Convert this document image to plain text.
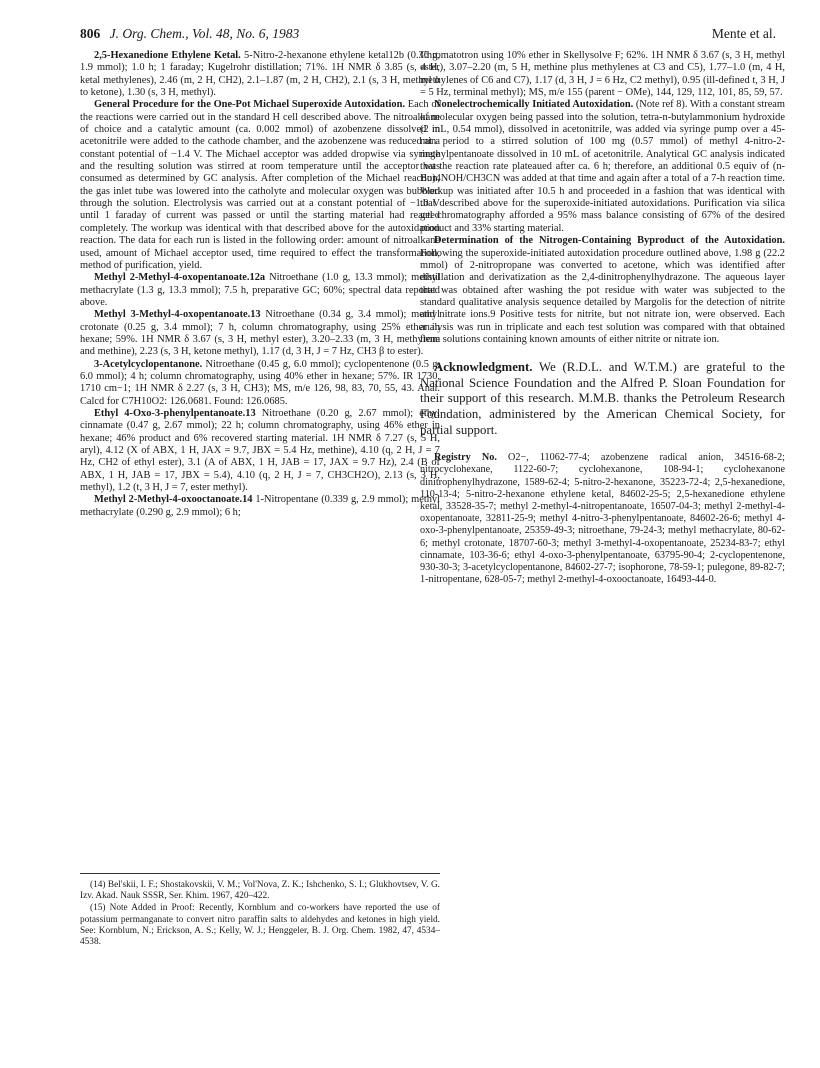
806 J. Org. Chem., Vol. 48, No. 6, 1983	Mente et al.

2,5-Hexanedione Ethylene Ketal. 5-Nitro-2-hexanone ethylene ketal12b (0.36 g, 1.9 mmol); 1.0 h; 1 faraday; Kugelrohr distillation; 71%. 1H NMR δ 3.85 (s, 4 H, ketal methylenes), 2.46 (m, 2 H, CH2), 2.1–1.87 (m, 2 H, CH2), 2.1 (s, 3 H, methyl α to ketone), 1.30 (s, 3 H, methyl).

General Procedure for the One-Pot Michael Superoxide Autoxidation. Each of the reactions were carried out in the standard H cell described above. The nitroalkane of choice and a catalytic amount (ca. 0.002 mmol) of azobenzene dissolved in acetonitrile were added to the cathode chamber, and the azobenzene was reduced at a constant potential of −1.4 V. The Michael acceptor was added dropwise via syringe and the resulting solution was stirred at room temperature until the acceptor was consumed as determined by GC analysis. After completion of the Michael reaction, the gas inlet tube was lowered into the catholyte and molecular oxygen was bubbled through the solution. Electrolysis was carried out at a constant potential of −1.0 V until 1 faraday of current was passed or until the starting material had reacted completely. The workup was identical with that described above for the autoxidation reaction. The data for each run is listed in the following order: amount of nitroalkane used, amount of Michael acceptor used, time required to effect the transformation, method of purification, yield.

Methyl 2-Methyl-4-oxopentanoate.12a Nitroethane (1.0 g, 13.3 mmol); methyl methacrylate (1.3 g, 13.3 mmol); 7.5 h, preparative GC; 60%; spectral data reported above.

Methyl 3-Methyl-4-oxopentanoate.13 Nitroethane (0.34 g, 3.4 mmol); methyl crotonate (0.25 g, 3.4 mmol); 7 h, column chromatography, using 25% ether in hexane; 59%. 1H NMR δ 3.67 (s, 3 H, methyl ester), 3.20–2.33 (m, 3 H, methylene and methine), 2.23 (s, 3 H, ketone methyl), 1.17 (d, 3 H, J = 7 Hz, CH3 β to ester).

3-Acetylcyclopentanone. Nitroethane (0.45 g, 6.0 mmol); cyclopentenone (0.5 g, 6.0 mmol); 4 h; column chromatography, using 40% ether in hexane; 57%. IR 1730, 1710 cm−1; 1H NMR δ 2.27 (s, 3 H, CH3); MS, m/e 126, 98, 83, 70, 55, 43. Anal. Calcd for C7H10O2: 126.0681. Found: 126.0685.

Ethyl 4-Oxo-3-phenylpentanoate.13 Nitroethane (0.20 g, 2.67 mmol); ethyl cinnamate (0.47 g, 2.67 mmol); 22 h; column chromatography, using 46% ether in hexane; 46% product and 6% recovered starting material. 1H NMR δ 7.27 (s, 5 H, aryl), 4.12 (X of ABX, 1 H, JAX = 9.7, JBX = 5.4 Hz, methine), 4.10 (q, 2 H, J = 7 Hz, CH2 of ethyl ester), 3.1 (A of ABX, 1 H, JAB = 17, JAX = 9.7 Hz), 2.4 (B of ABX, 1 H, JAB = 17, JBX = 5.4), 4.10 (q, 2 H, J = 7, CH3CH2O), 2.13 (s, 3 H, methyl), 1.2 (t, 3 H, J = 7, ester methyl).

Methyl 2-Methyl-4-oxooctanoate.14 1-Nitropentane (0.339 g, 2.9 mmol); methyl methacrylate (0.290 g, 2.9 mmol); 6 h;

(14) Bel'skii, I. F.; Shostakovskii, V. M.; Vol'Nova, Z. K.; Ishchenko, S. I.; Glukhovtsev, V. G. Izv. Akad. Nauk SSSR, Ser. Khim. 1967, 420–422.

(15) Note Added in Proof: Recently, Kornblum and co-workers have reported the use of potassium permanganate to convert nitro paraffin salts to aldehydes and ketones in high yield. See: Kornblum, N.; Erickson, A. S.; Kelly, W. J.; Henggeler, B. J. Org. Chem. 1982, 47, 4534–4538.

Chromatotron using 10% ether in Skellysolve F; 62%. 1H NMR δ 3.67 (s, 3 H, methyl ester), 3.07–2.20 (m, 5 H, methine plus methylenes at C3 and C5), 1.77–1.0 (m, 4 H, methylenes of C6 and C7), 1.17 (d, 3 H, J = 6 Hz, C2 methyl), 0.95 (ill-defined t, 3 H, J = 5 Hz, terminal methyl); MS, m/e 155 (parent − OMe), 144, 129, 112, 101, 85, 59, 57.

Nonelectrochemically Initiated Autoxidation. (Note ref 8). With a constant stream of molecular oxygen being passed into the solution, tetra-n-butylammonium hydroxide (2 mL, 0.54 mmol), dissolved in acetonitrile, was added via syringe pump over a 45-min period to a stirred solution of 100 mg (0.57 mmol) of methyl 4-nitro-2-methylpentanoate dissolved in 10 mL of acetonitrile. Analytical GC analysis indicated that the reaction rate plateaued after ca. 6 h; therefore, an additional 0.5 equiv of (n-Bu)4NOH/CH3CN was added at that time and again after a total of a 7-h reaction time. Workup was initiated after 10.5 h and proceeded in a fashion that was identical with that described above for the superoxide-initiated autoxidations. Purification via silica gel chromatography afforded a 95% mass balance consisting of 67% of the desired product and 33% starting material.

Determination of the Nitrogen-Containing Byproduct of the Autoxidation. Following the superoxide-initiated autoxidation procedure outlined above, 1.98 g (22.2 mmol) of 2-nitropropane was converted to acetone, which was identified after distillation and derivatization as the 2,4-dinitrophenylhydrazone. The aqueous layer that was obtained after washing the pot residue with water was subjected to the standard qualitative analysis sequence detailed by Margolis for the detection of nitrite and nitrate ions.9 Positive tests for nitrite, but not nitrate ion, were observed. Each analysis was run in triplicate and each test solution was compared with that obtained from solutions containing known amounts of either nitrite or nitrate ion.

Acknowledgment. We (R.D.L. and W.T.M.) are grateful to the National Science Foundation and the Alfred P. Sloan Foundation for their support of this research. M.M.B. thanks the Petroleum Research Foundation, administered by the American Chemical Society, for partial support.

Registry No. O2−, 11062-77-4; azobenzene radical anion, 34516-68-2; nitrocyclohexane, 1122-60-7; cyclohexanone, 108-94-1; cyclohexanone dinitrophenylhydrazone, 1589-62-4; 5-nitro-2-hexanone, 35223-72-4; 2,5-hexanedione, 110-13-4; 5-nitro-2-hexanone ethylene ketal, 84602-25-5; 2,5-hexanedione ethylene ketal, 33528-35-7; methyl 2-methyl-4-nitropentanoate, 16507-04-3; methyl 2-methyl-4-oxopentanoate, 32811-25-9; methyl 4-nitro-3-phenylpentanoate, 84602-26-6; methyl 4-oxo-3-phenylpentanoate, 25359-49-3; nitroethane, 79-24-3; methyl methacrylate, 80-62-6; methyl crotonate, 18707-60-3; methyl 3-methyl-4-oxopentanoate, 25234-83-7; ethyl cinnamate, 103-36-6; ethyl 4-oxo-3-phenylpentanoate, 63795-90-4; 2-cyclopentenone, 930-30-3; 3-acetylcyclopentanone, 84602-27-7; isophorone, 78-59-1; pulegone, 89-82-7; 1-nitropentane, 628-05-7; methyl 2-methyl-4-oxooctanoate, 16493-44-0.
